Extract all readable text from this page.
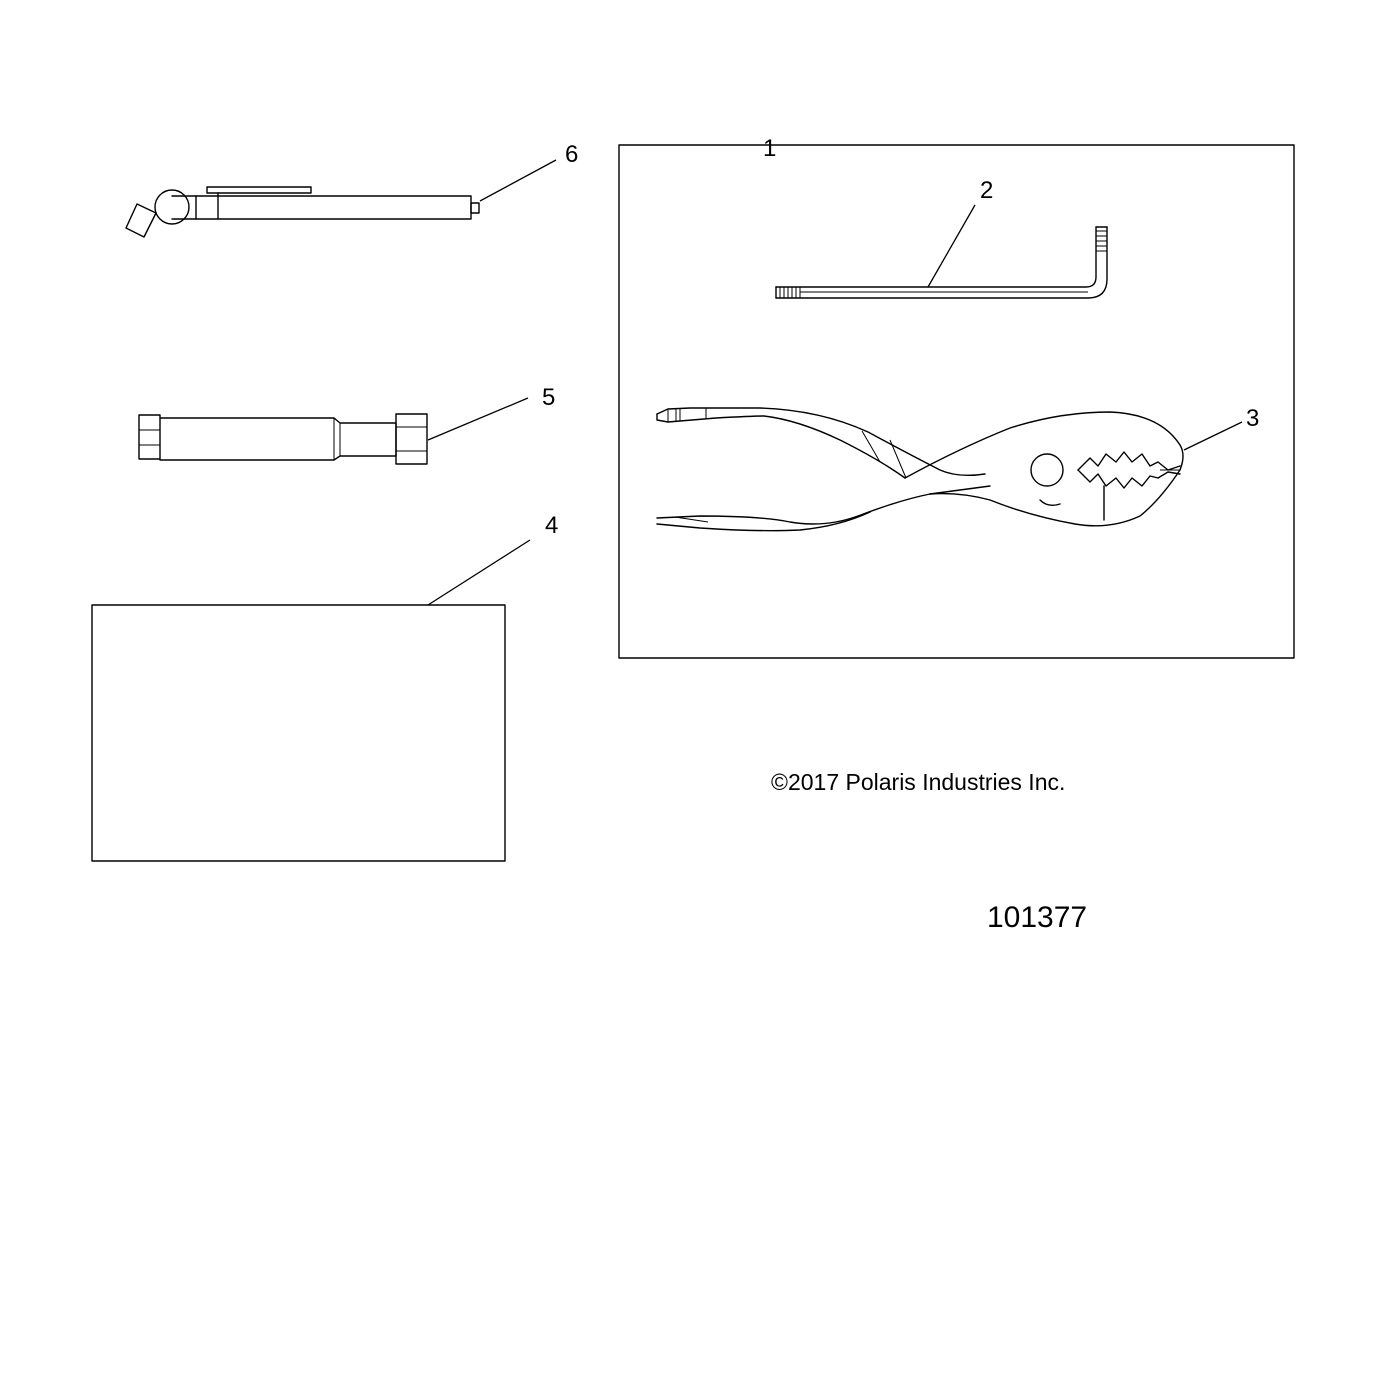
1
2
3
6
5
4
©2017 Polaris Industries Inc.
101377
